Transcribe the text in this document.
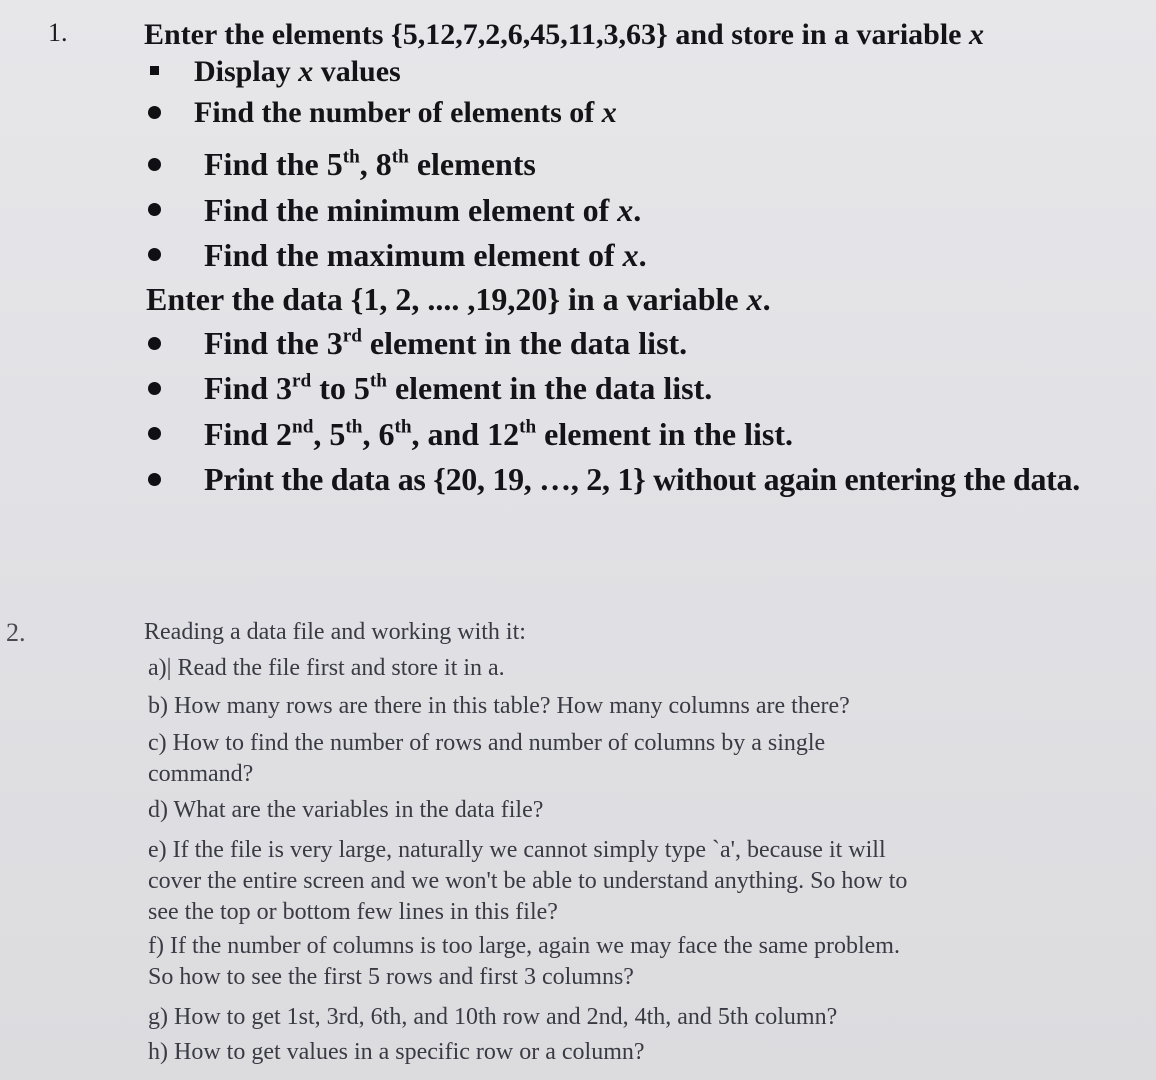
1.	Enter the elements {5,12,7,2,6,45,11,3,63} and store in a variable x
Display x values
Find the number of elements of x
Find the 5th, 8th elements
Find the minimum element of x.
Find the maximum element of x.
Enter the data {1, 2, .... ,19,20} in a variable x.
Find the 3rd element in the data list.
Find 3rd to 5th element in the data list.
Find 2nd, 5th, 6th, and 12th element in the list.
Print the data as {20, 19, …, 2, 1} without again entering the data.
2.	Reading a data file and working with it:
a)| Read the file first and store it in a.
b) How many rows are there in this table? How many columns are there?
c) How to find the number of rows and number of columns by a single
command?
d) What are the variables in the data file?
e) If the file is very large, naturally we cannot simply type `a', because it will
cover the entire screen and we won't be able to understand anything. So how to
see the top or bottom few lines in this file?
f) If the number of columns is too large, again we may face the same problem.
So how to see the first 5 rows and first 3 columns?
g) How to get 1st, 3rd, 6th, and 10th row and 2nd, 4th, and 5th column?
h) How to get values in a specific row or a column?
